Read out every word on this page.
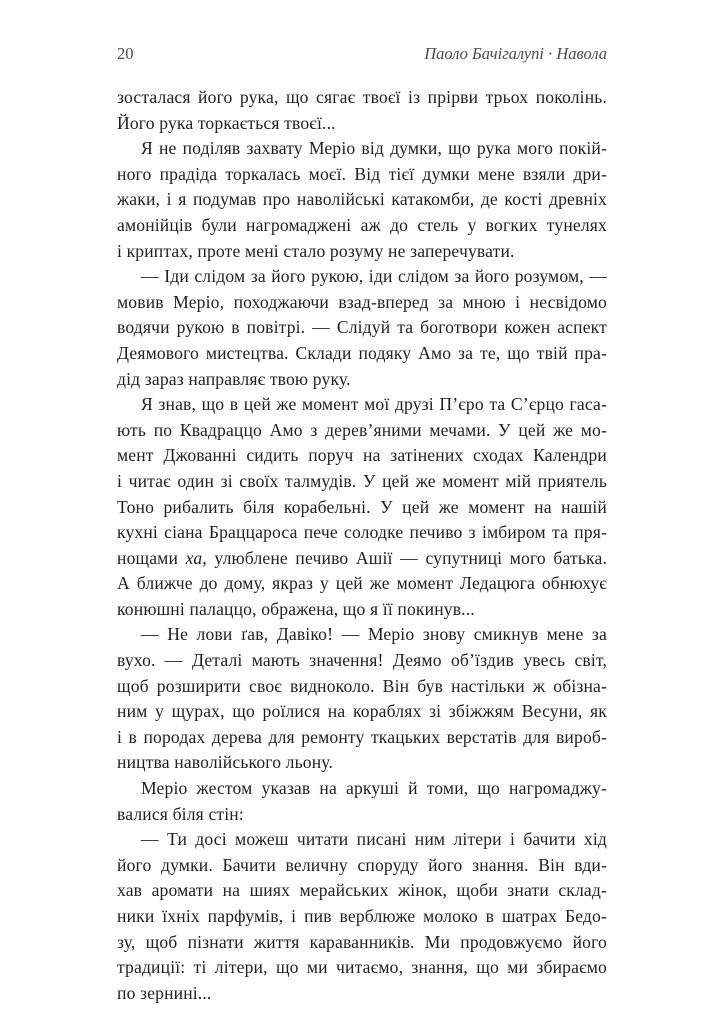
20	Паоло Бачігалупі · Навола
зосталася його рука, що сягає твоєї із прірви трьох поколінь.
Його рука торкається твоєї...
Я не поділяв захвату Меріо від думки, що рука мого покій-
ного прадіда торкалась моєї. Від тієї думки мене взяли дри-
жаки, і я подумав про наволійські катакомби, де кості древніх
амонійців були нагромаджені аж до стель у вогких тунелях
і криптах, проте мені стало розуму не заперечувати.
— Іди слідом за його рукою, іди слідом за його розумом, —
мовив Меріо, походжаючи взад-вперед за мною і несвідомо
водячи рукою в повітрі. — Слідуй та боготвори кожен аспект
Деямового мистецтва. Склади подяку Амо за те, що твій пра-
дід зараз направляє твою руку.
Я знав, що в цей же момент мої друзі П’єро та С’єрцо гаса-
ють по Квадраццо Амо з дерев’яними мечами. У цей же мо-
мент Джованні сидить поруч на затінених сходах Календри
і читає один зі своїх талмудів. У цей же момент мій приятель
Тоно рибалить біля корабельні. У цей же момент на нашій
кухні сіана Браццароса пече солодке печиво з імбиром та пря-
нощами ха, улюблене печиво Ашії — супутниці мого батька.
А ближче до дому, якраз у цей же момент Ледацюга обнюхує
конюшні палаццо, ображена, що я її покинув...
— Не лови ґав, Давіко! — Меріо знову смикнув мене за
вухо. — Деталі мають значення! Деямо об’їздив увесь світ,
щоб розширити своє видноколо. Він був настільки ж обізна-
ним у щурах, що роїлися на кораблях зі збіжжям Весуни, як
і в породах дерева для ремонту ткацьких верстатів для вироб-
ництва наволійського льону.
Меріо жестом указав на аркуші й томи, що нагромаджу-
валися біля стін:
— Ти досі можеш читати писані ним літери і бачити хід
його думки. Бачити величну споруду його знання. Він вди-
хав аромати на шиях мерайських жінок, щоби знати склад-
ники їхніх парфумів, і пив верблюже молоко в шатрах Бедо-
зу, щоб пізнати життя караванників. Ми продовжуємо його
традиції: ті літери, що ми читаємо, знання, що ми збираємо
по зернині...
